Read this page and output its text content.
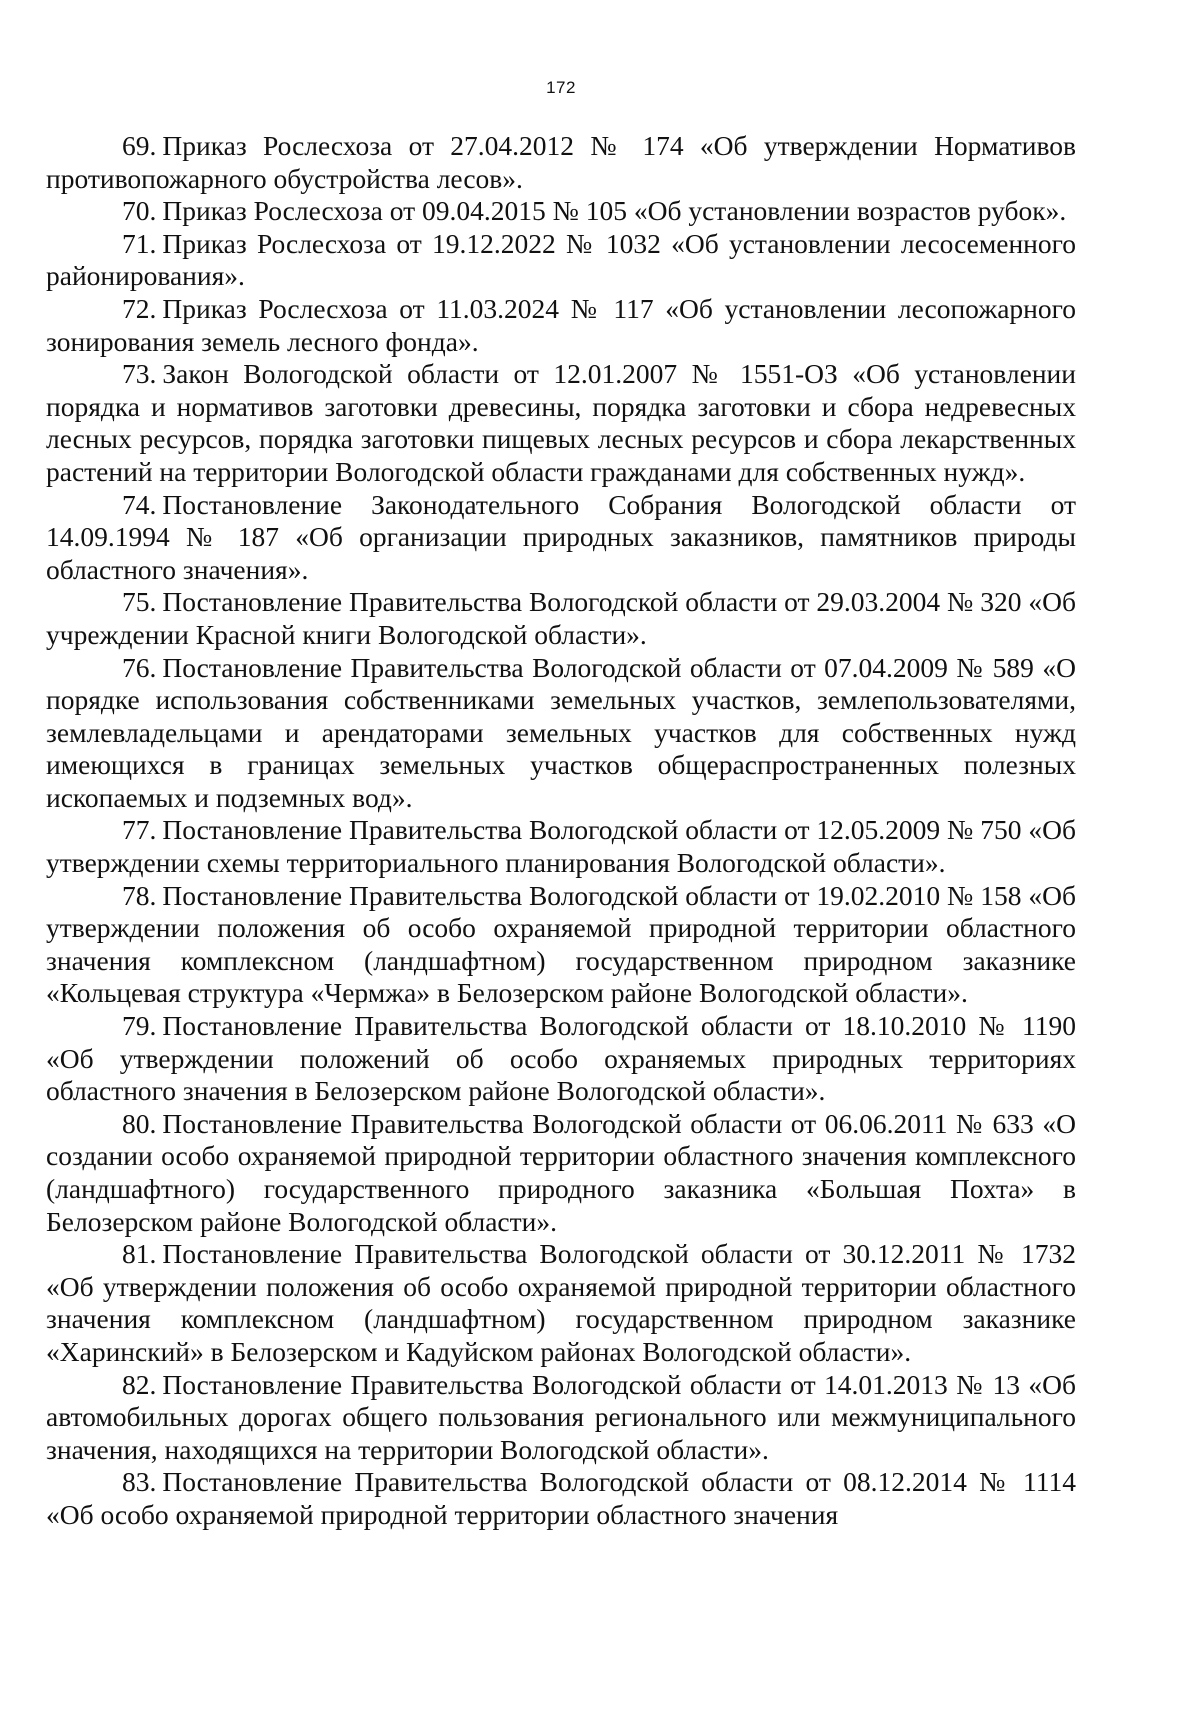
172

69. Приказ Рослесхоза от 27.04.2012 № 174 «Об утверждении Нормативов противопожарного обустройства лесов».

70. Приказ Рослесхоза от 09.04.2015 № 105 «Об установлении возрастов рубок».

71. Приказ Рослесхоза от 19.12.2022 № 1032 «Об установлении лесосеменного районирования».

72. Приказ Рослесхоза от 11.03.2024 № 117 «Об установлении лесопожарного зонирования земель лесного фонда».

73. Закон Вологодской области от 12.01.2007 № 1551-ОЗ «Об установлении порядка и нормативов заготовки древесины, порядка заготовки и сбора недревесных лесных ресурсов, порядка заготовки пищевых лесных ресурсов и сбора лекарственных растений на территории Вологодской области гражданами для собственных нужд».

74. Постановление Законодательного Собрания Вологодской области от 14.09.1994 № 187 «Об организации природных заказников, памятников природы областного значения».

75. Постановление Правительства Вологодской области от 29.03.2004 № 320 «Об учреждении Красной книги Вологодской области».

76. Постановление Правительства Вологодской области от 07.04.2009 № 589 «О порядке использования собственниками земельных участков, землепользователями, землевладельцами и арендаторами земельных участков для собственных нужд имеющихся в границах земельных участков общераспространенных полезных ископаемых и подземных вод».

77. Постановление Правительства Вологодской области от 12.05.2009 № 750 «Об утверждении схемы территориального планирования Вологодской области».

78. Постановление Правительства Вологодской области от 19.02.2010 № 158 «Об утверждении положения об особо охраняемой природной территории областного значения комплексном (ландшафтном) государственном природном заказнике «Кольцевая структура «Чермжа» в Белозерском районе Вологодской области».

79. Постановление Правительства Вологодской области от 18.10.2010 № 1190 «Об утверждении положений об особо охраняемых природных территориях областного значения в Белозерском районе Вологодской области».

80. Постановление Правительства Вологодской области от 06.06.2011 № 633 «О создании особо охраняемой природной территории областного значения комплексного (ландшафтного) государственного природного заказника «Большая Похта» в Белозерском районе Вологодской области».

81. Постановление Правительства Вологодской области от 30.12.2011 № 1732 «Об утверждении положения об особо охраняемой природной территории областного значения комплексном (ландшафтном) государственном природном заказнике «Харинский» в Белозерском и Кадуйском районах Вологодской области».

82. Постановление Правительства Вологодской области от 14.01.2013 № 13 «Об автомобильных дорогах общего пользования регионального или межмуниципального значения, находящихся на территории Вологодской области».

83. Постановление Правительства Вологодской области от 08.12.2014 № 1114 «Об особо охраняемой природной территории областного значения
